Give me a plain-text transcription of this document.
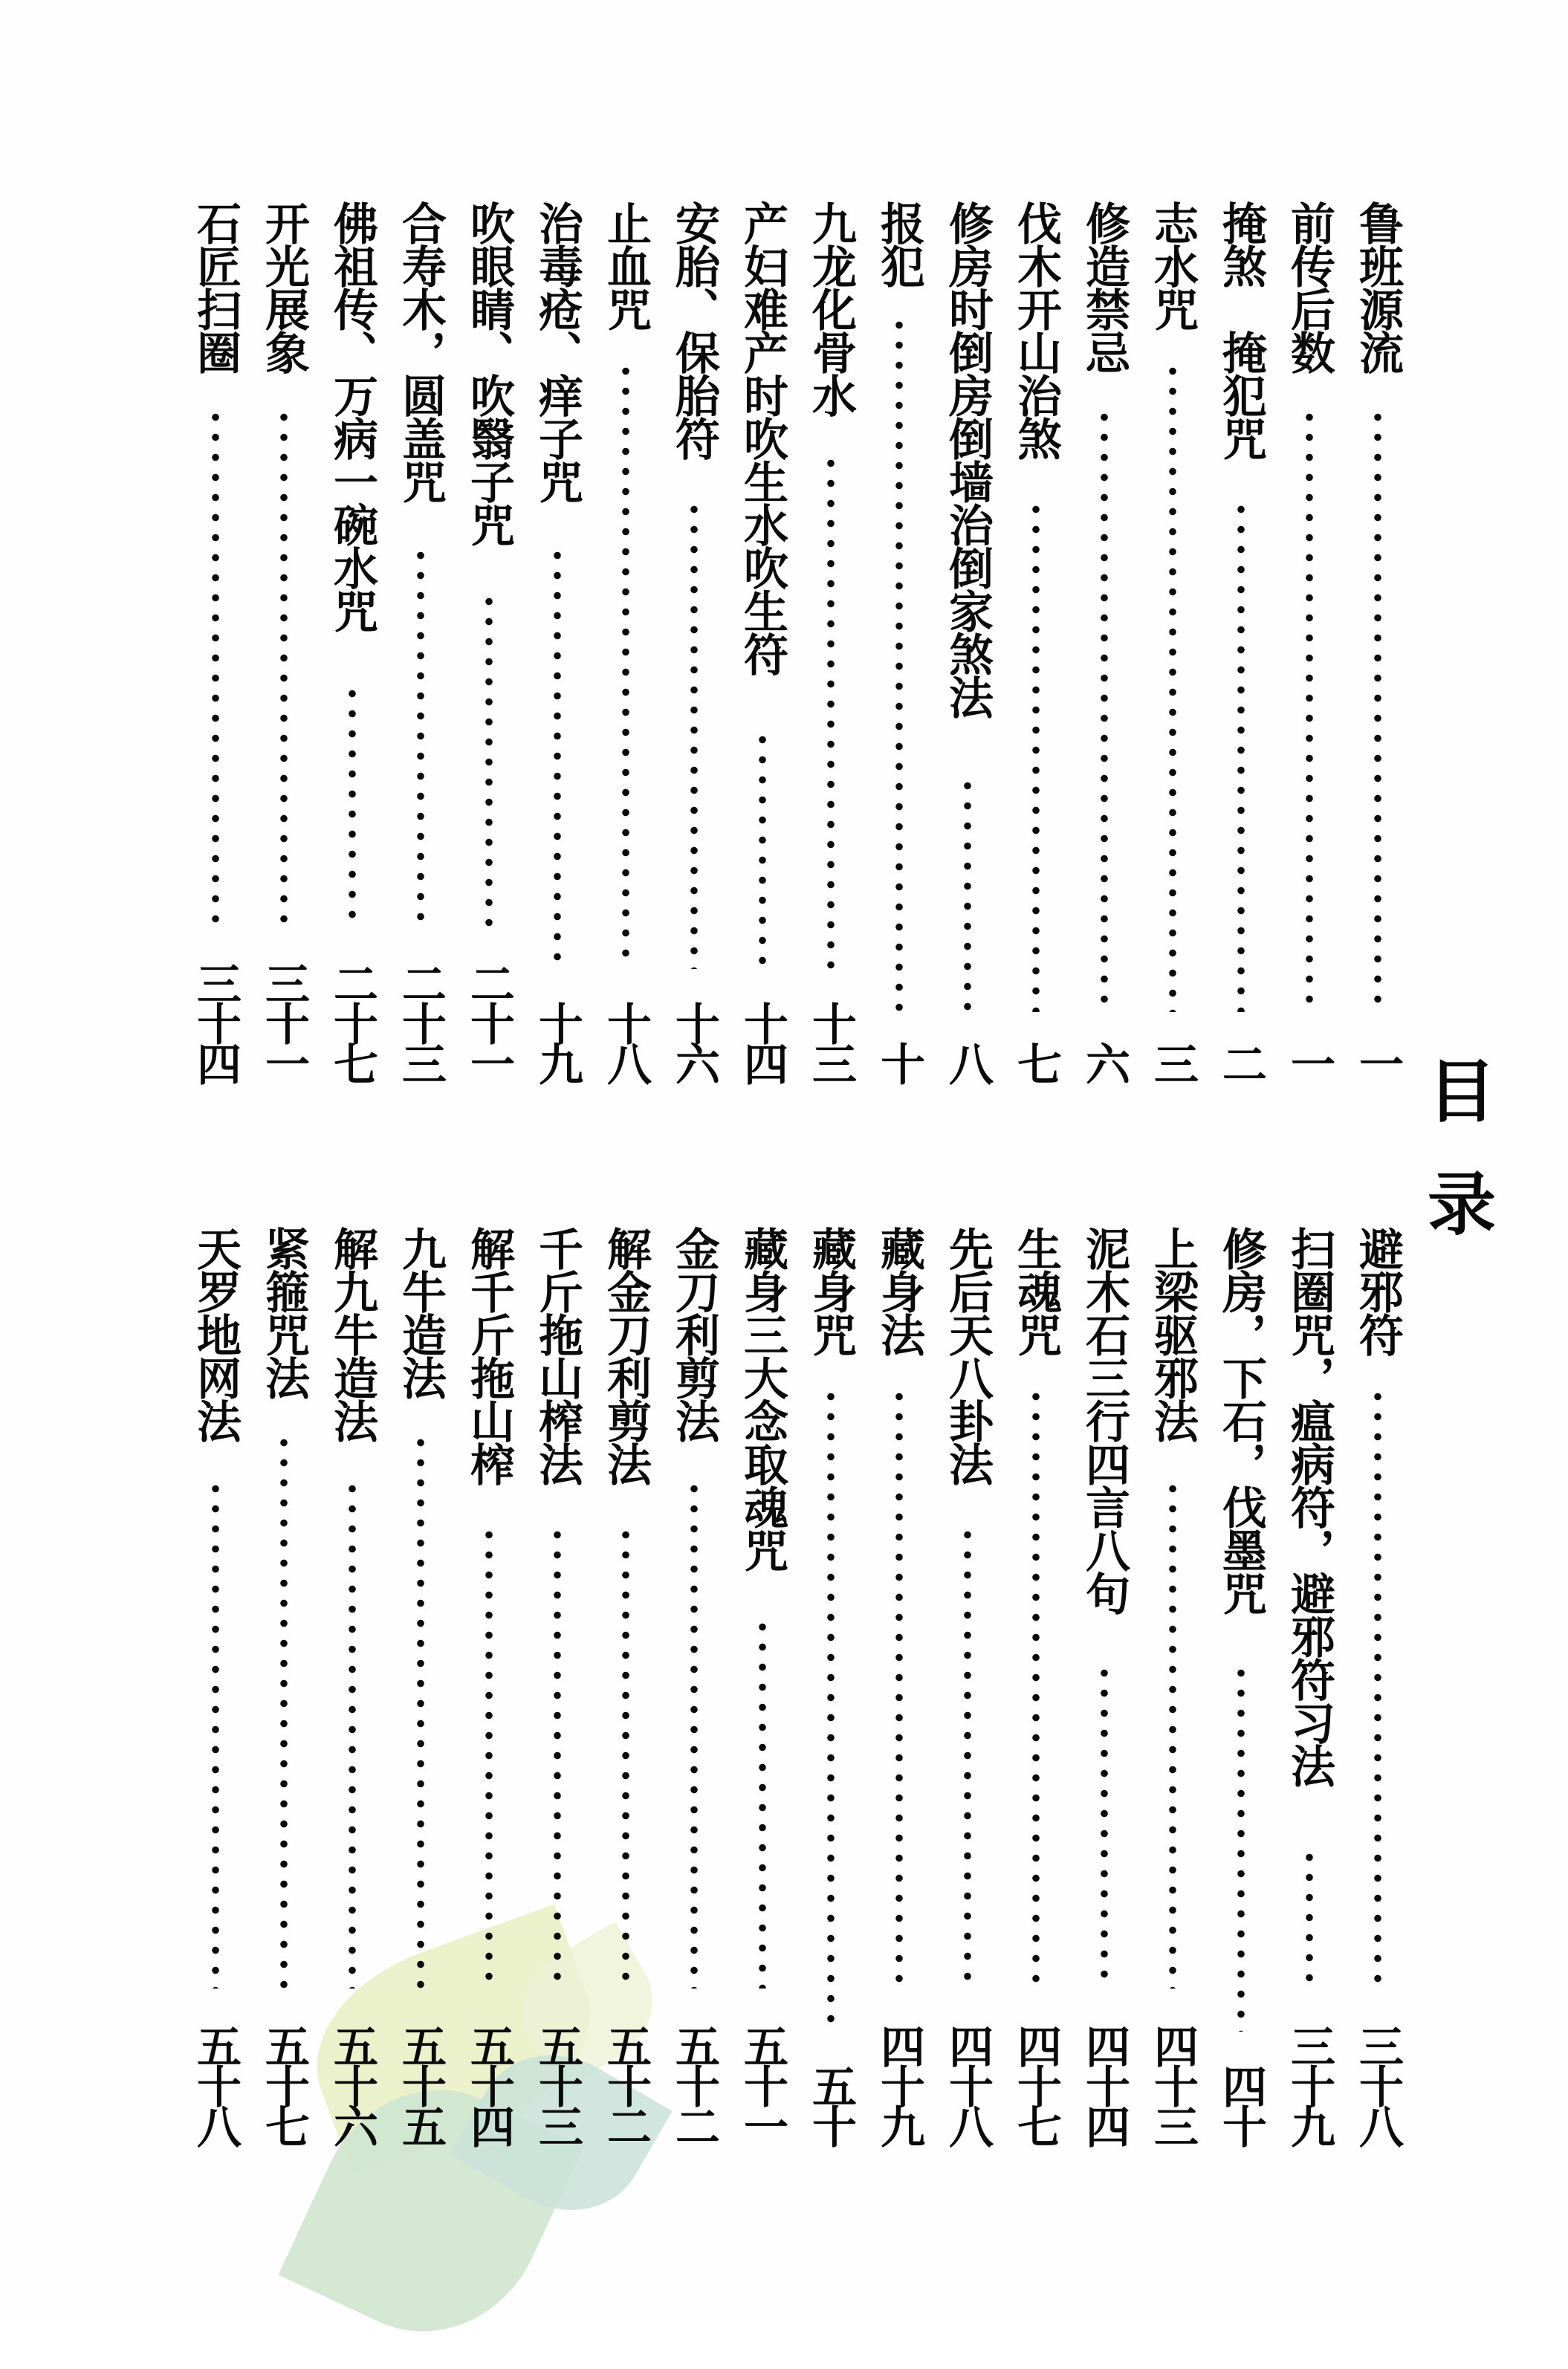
目录
鲁班源流
一
前传后数
一
掩煞　掩犯咒
二
志水咒
三
修造禁忌
六
伐木开山治煞
七
修房时倒房倒墙治倒家煞法
八
报犯
十
九龙化骨水
十三
产妇难产时吹生水吹生符
十四
安胎、保胎符
十六
止血咒
十八
治毒疮、痒子咒
十九
吹眼睛、吹翳子咒
二十一
合寿木，圆盖咒
二十三
佛祖传、万病一碗水咒
二十七
开光展象
三十一
石匠扫圈
三十四
避邪符
三十八
扫圈咒，瘟病符，避邪符习法
三十九
修房，下石，伐墨咒
四十
上梁驱邪法
四十三
泥木石三行四言八句
四十四
生魂咒
四十七
先后天八卦法
四十八
藏身法
四十九
藏身咒
五十
藏身三大念取魂咒
五十一
金刀利剪法
五十二
解金刀利剪法
五十二
千斤拖山榨法
五十三
解千斤拖山榨
五十四
九牛造法
五十五
解九牛造法
五十六
紧箍咒法
五十七
天罗地网法
五十八
